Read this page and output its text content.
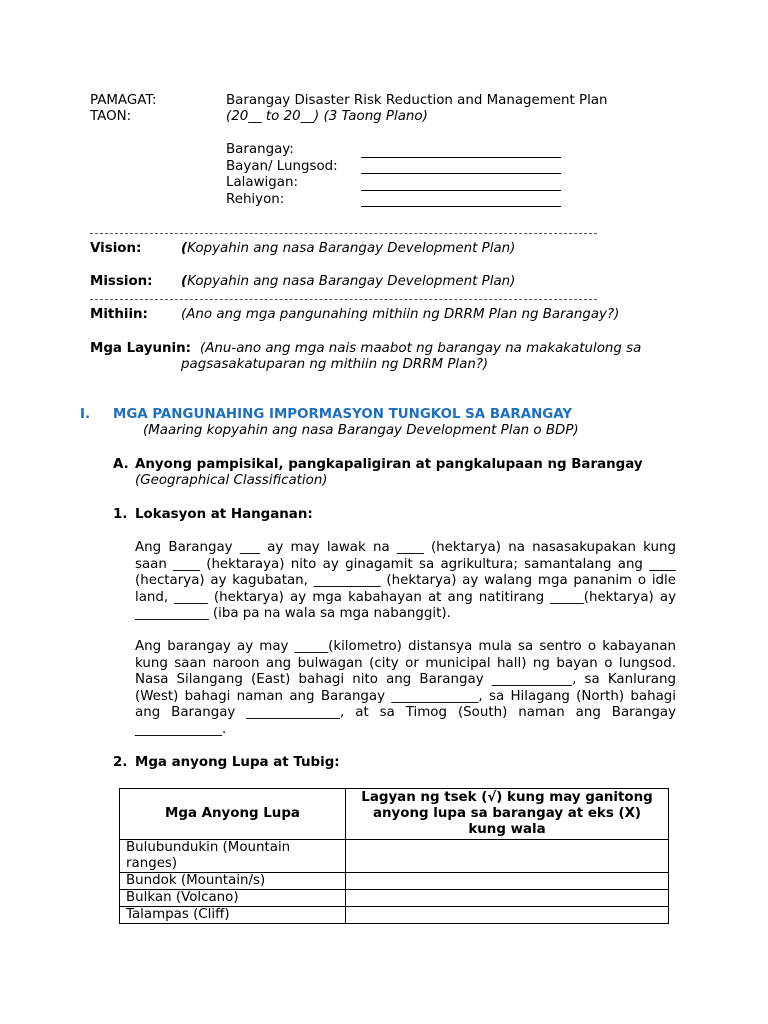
PAMAGAT:	Barangay Disaster Risk Reduction and Management Plan
TAON:	(20__ to 20__) (3 Taong Plano)
Barangay:
Bayan/ Lungsod:
Lalawigan:
Rehiyon:
Vision:	(Kopyahin ang nasa Barangay Development Plan)
Mission: (Kopyahin ang nasa Barangay Development Plan)
Mithiin: (Ano ang mga pangunahing mithiin ng DRRM Plan ng Barangay?)
Mga Layunin: (Anu-ano ang mga nais maabot ng barangay na makakatulong sa
pagsasakatuparan ng mithiin ng DRRM Plan?)
I. MGA PANGUNAHING IMPORMASYON TUNGKOL SA BARANGAY
(Maaring kopyahin ang nasa Barangay Development Plan o BDP)
A. Anyong pampisikal, pangkapaligiran at pangkalupaan ng Barangay
(Geographical Classification)
1. Lokasyon at Hanganan:
Ang Barangay ___ ay may lawak na ____ (hektarya) na nasasakupakan kung saan ____ (hektaraya) nito ay ginagamit sa agrikultura; samantalang ang ____ (hectarya) ay kagubatan, __________ (hektarya) ay walang mga pananim o idle land, _____ (hektarya) ay mga kabahayan at ang natitirang _____(hektarya) ay ___________ (iba pa na wala sa mga nabanggit).
Ang barangay ay may _____(kilometro) distansya mula sa sentro o kabayanan kung saan naroon ang bulwagan (city or municipal hall) ng bayan o lungsod. Nasa Silangang (East) bahagi nito ang Barangay ____________, sa Kanlurang (West) bahagi naman ang Barangay _____________, sa Hilagang (North) bahagi ang Barangay ______________, at sa Timog (South) naman ang Barangay _____________.
2. Mga anyong Lupa at Tubig:
Mga Anyong Lupa	Lagyan ng tsek (√) kung may ganitong anyong lupa sa barangay at eks (X) kung wala
Bulubundukin (Mountain ranges)	
Bundok (Mountain/s)	
Bulkan (Volcano)	
Talampas (Cliff)	
